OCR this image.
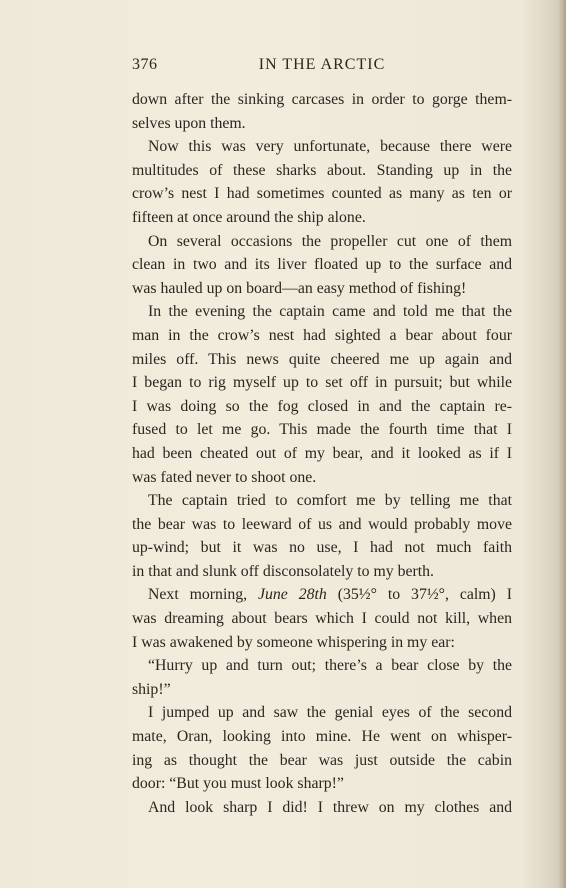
376	IN THE ARCTIC
down after the sinking carcases in order to gorge them-
selves upon them.
Now this was very unfortunate, because there were
multitudes of these sharks about. Standing up in the
crow’s nest I had sometimes counted as many as ten or
fifteen at once around the ship alone.
On several occasions the propeller cut one of them
clean in two and its liver floated up to the surface and
was hauled up on board—an easy method of fishing!
In the evening the captain came and told me that the
man in the crow’s nest had sighted a bear about four
miles off. This news quite cheered me up again and
I began to rig myself up to set off in pursuit; but while
I was doing so the fog closed in and the captain re-
fused to let me go. This made the fourth time that I
had been cheated out of my bear, and it looked as if I
was fated never to shoot one.
The captain tried to comfort me by telling me that
the bear was to leeward of us and would probably move
up-wind; but it was no use, I had not much faith
in that and slunk off disconsolately to my berth.
Next morning, June 28th (35½° to 37½°, calm) I
was dreaming about bears which I could not kill, when
I was awakened by someone whispering in my ear:
“Hurry up and turn out; there’s a bear close by the
ship!”
I jumped up and saw the genial eyes of the second
mate, Oran, looking into mine. He went on whisper-
ing as thought the bear was just outside the cabin
door: “But you must look sharp!”
And look sharp I did! I threw on my clothes and
